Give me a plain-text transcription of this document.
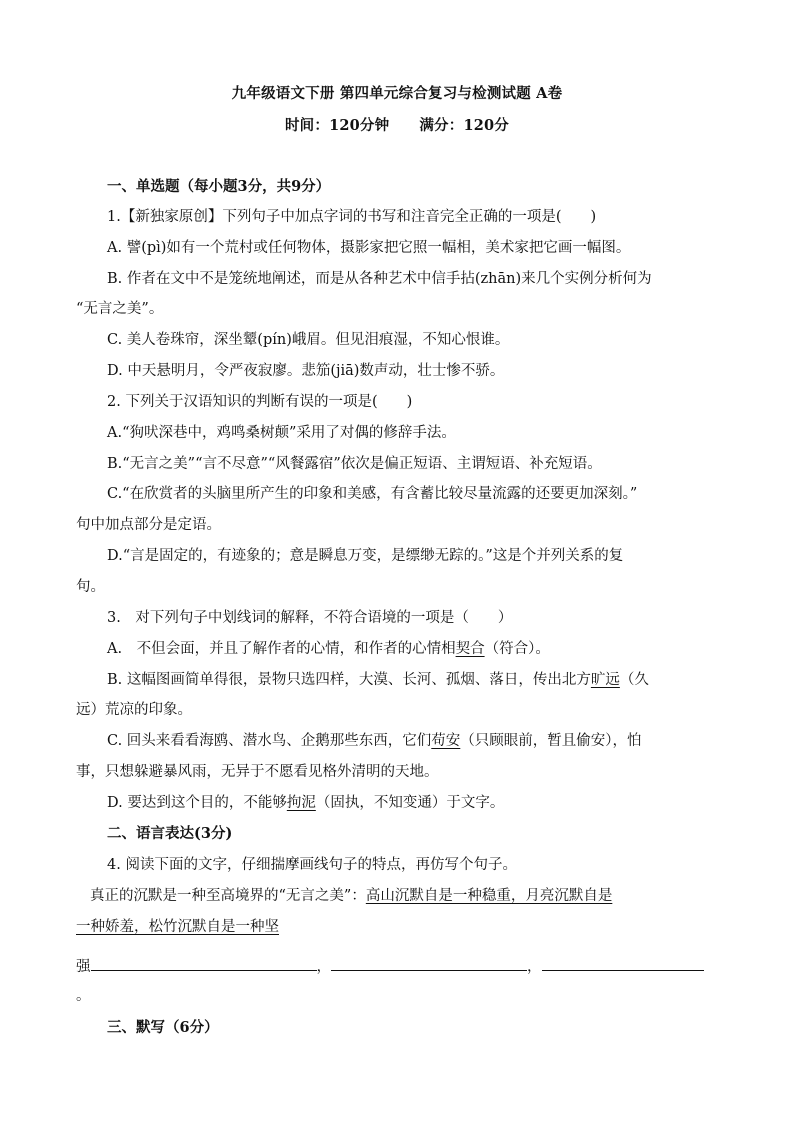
九年级语文下册 第四单元综合复习与检测试题 A卷
时间：120分钟 满分：120分
一、单选题（每小题3分，共9分）
1.【新独家原创】下列句子中加点字词的书写和注音完全正确的一项是(　　)
A. 譬(pì)如有一个荒村或任何物体，摄影家把它照一幅相，美术家把它画一幅图。
B. 作者在文中不是笼统地阐述，而是从各种艺术中信手拈(zhān)来几个实例分析何为
“无言之美”。
C. 美人卷珠帘，深坐颦(pín)峨眉。但见泪痕湿，不知心恨谁。
D. 中天悬明月，令严夜寂廖。悲笳(jiā)数声动，壮士惨不骄。
2. 下列关于汉语知识的判断有误的一项是(　　)
A.“狗吠深巷中，鸡鸣桑树颠”采用了对偶的修辞手法。
B.“无言之美”“言不尽意”“风餐露宿”依次是偏正短语、主谓短语、补充短语。
C.“在欣赏者的头脑里所产生的印象和美感，有含蓄比较尽量流露的还要更加深刻。”
句中加点部分是定语。
D.“言是固定的，有迹象的；意是瞬息万变，是缥缈无踪的。”这是个并列关系的复
句。
3.　对下列句子中划线词的解释，不符合语境的一项是（　　）
A.　不但会面，并且了解作者的心情，和作者的心情相契合（符合）。
B. 这幅图画简单得很，景物只选四样，大漠、长河、孤烟、落日，传出北方旷远（久
远）荒凉的印象。
C. 回头来看看海鸥、潜水鸟、企鹅那些东西，它们苟安（只顾眼前，暂且偷安），怕
事，只想躲避暴风雨，无异于不愿看见格外清明的天地。
D. 要达到这个目的，不能够拘泥（固执，不知变通）于文字。
二、语言表达(3分)
4. 阅读下面的文字，仔细揣摩画线句子的特点，再仿写个句子。
真正的沉默是一种至高境界的“无言之美”：高山沉默自是一种稳重，月亮沉默自是
一种娇羞，松竹沉默自是一种坚
强	，	，
。
三、默写（6分）
